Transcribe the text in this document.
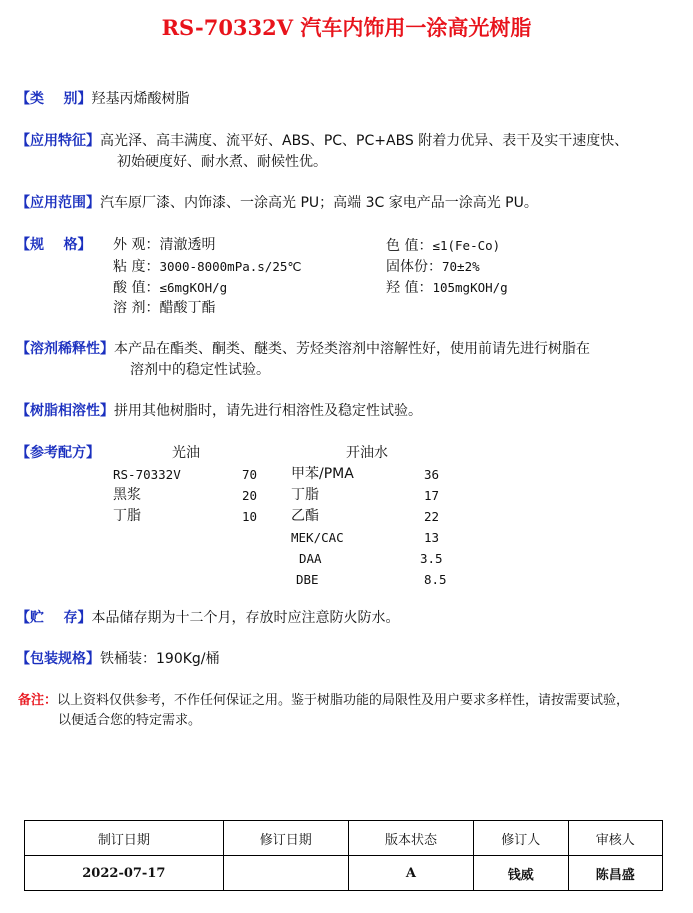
RS-70332V 汽车内饰用一涂高光树脂
【类    别】羟基丙烯酸树脂
【应用特征】高光泽、高丰满度、流平好、ABS、PC、PC+ABS 附着力优异、表干及实干速度快、
初始硬度好、耐水煮、耐候性优。
【应用范围】汽车原厂漆、内饰漆、一涂高光 PU；高端 3C 家电产品一涂高光 PU。
【规    格】	外 观：清澈透明	色 值：≤1(Fe-Co)
粘 度：3000-8000mPa.s/25℃	固体份：70±2%
酸 值：≤6mgKOH/g	羟 值：105mgKOH/g
溶 剂：醋酸丁酯
【溶剂稀释性】本产品在酯类、酮类、醚类、芳烃类溶剂中溶解性好，使用前请先进行树脂在
溶剂中的稳定性试验。
【树脂相溶性】拼用其他树脂时，请先进行相溶性及稳定性试验。
【参考配方】	光油	开油水
RS-70332V	70
黑浆	20
丁脂	10
甲苯/PMA	36
丁脂	17
乙酯	22
MEK/CAC	13
DAA	3.5
DBE	8.5
【贮    存】本品储存期为十二个月，存放时应注意防火防水。
【包装规格】铁桶装：190Kg/桶
备注：以上资料仅供参考，不作任何保证之用。鉴于树脂功能的局限性及用户要求多样性，请按需要试验，
以便适合您的特定需求。
制订日期	修订日期	版本状态	修订人	审核人
2022-07-17		A	钱威	陈昌盛
